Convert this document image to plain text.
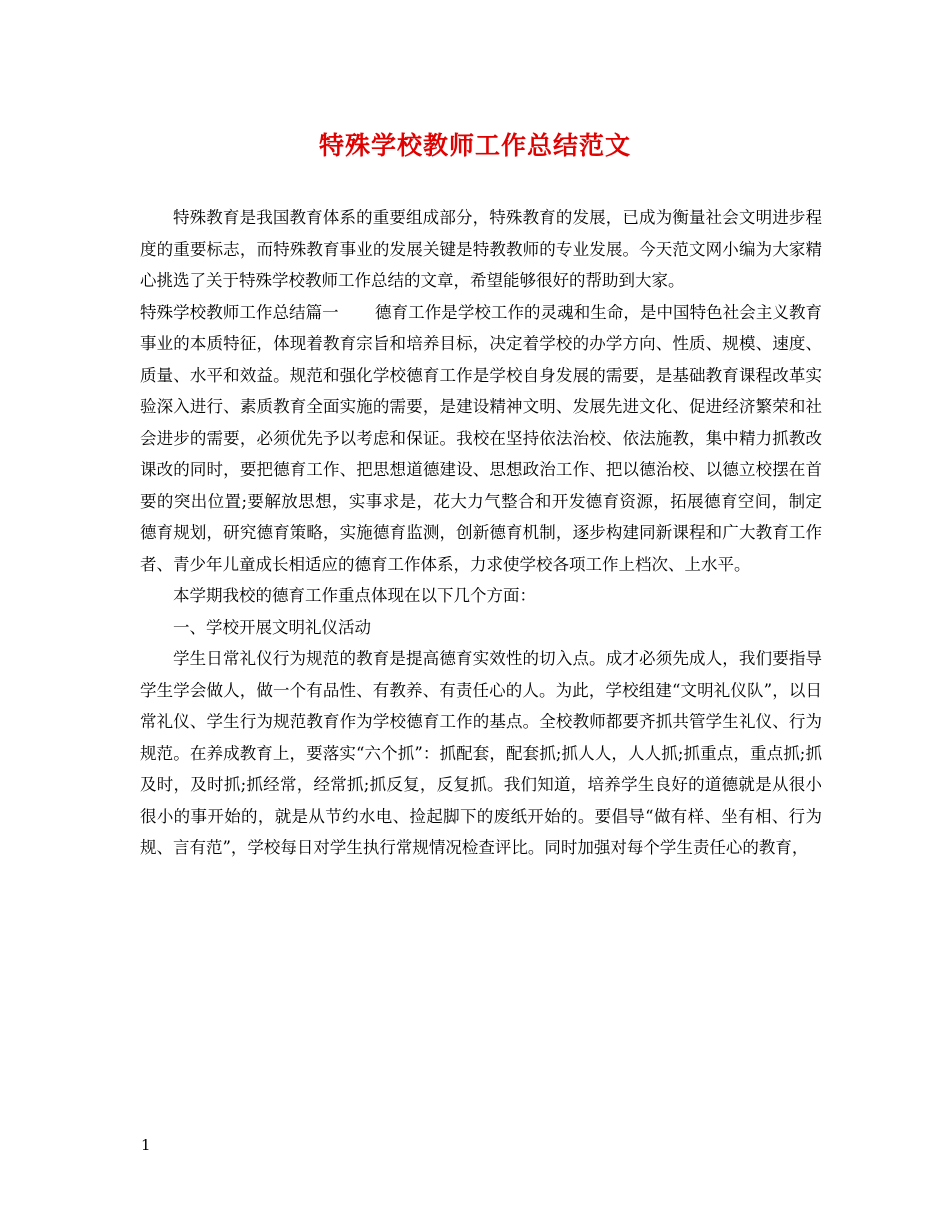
特殊学校教师工作总结范文

特殊教育是我国教育体系的重要组成部分，特殊教育的发展，已成为衡量社会文明进步程度的重要标志，而特殊教育事业的发展关键是特教教师的专业发展。今天范文网小编为大家精心挑选了关于特殊学校教师工作总结的文章，希望能够很好的帮助到大家。

特殊学校教师工作总结篇一 德育工作是学校工作的灵魂和生命，是中国特色社会主义教育事业的本质特征，体现着教育宗旨和培养目标，决定着学校的办学方向、性质、规模、速度、质量、水平和效益。规范和强化学校德育工作是学校自身发展的需要，是基础教育课程改革实验深入进行、素质教育全面实施的需要，是建设精神文明、发展先进文化、促进经济繁荣和社会进步的需要，必须优先予以考虑和保证。我校在坚持依法治校、依法施教，集中精力抓教改课改的同时，要把德育工作、把思想道德建设、思想政治工作、把以德治校、以德立校摆在首要的突出位置;要解放思想，实事求是，花大力气整合和开发德育资源，拓展德育空间，制定德育规划，研究德育策略，实施德育监测，创新德育机制，逐步构建同新课程和广大教育工作者、青少年儿童成长相适应的德育工作体系，力求使学校各项工作上档次、上水平。

本学期我校的德育工作重点体现在以下几个方面：

一、学校开展文明礼仪活动

学生日常礼仪行为规范的教育是提高德育实效性的切入点。成才必须先成人，我们要指导学生学会做人，做一个有品性、有教养、有责任心的人。为此，学校组建“文明礼仪队”，以日常礼仪、学生行为规范教育作为学校德育工作的基点。全校教师都要齐抓共管学生礼仪、行为规范。在养成教育上，要落实“六个抓”：抓配套，配套抓;抓人人，人人抓;抓重点，重点抓;抓及时，及时抓;抓经常，经常抓;抓反复，反复抓。我们知道，培养学生良好的道德就是从很小很小的事开始的，就是从节约水电、捡起脚下的废纸开始的。要倡导“做有样、坐有相、行为规、言有范”，学校每日对学生执行常规情况检查评比。同时加强对每个学生责任心的教育，

1
